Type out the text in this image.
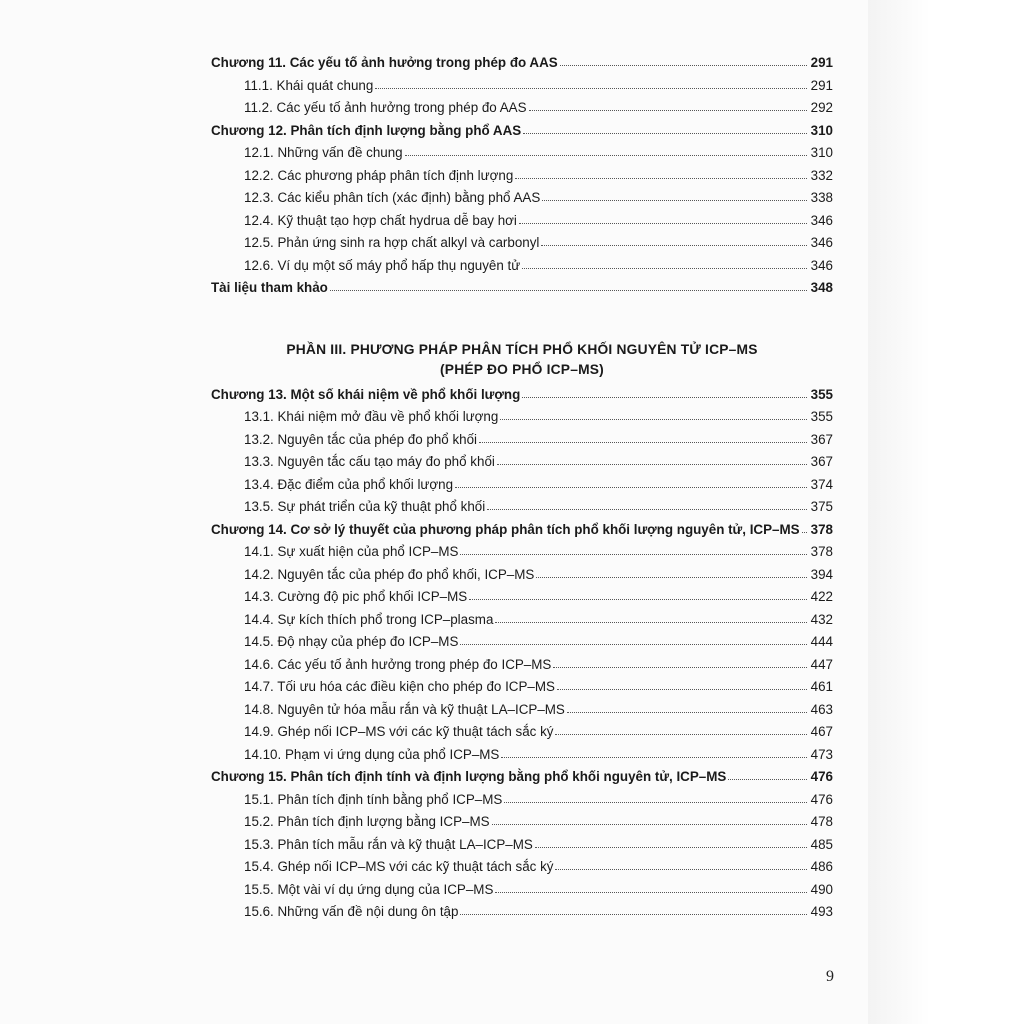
Chương 11. Các yếu tố ảnh hưởng trong phép đo AAS	291
11.1. Khái quát chung	291
11.2. Các yếu tố ảnh hưởng trong phép đo AAS	292
Chương 12. Phân tích định lượng bằng phổ AAS	310
12.1. Những vấn đề chung	310
12.2. Các phương pháp phân tích định lượng	332
12.3. Các kiểu phân tích (xác định) bằng phổ AAS	338
12.4. Kỹ thuật tạo hợp chất hydrua dễ bay hơi	346
12.5. Phản ứng sinh ra hợp chất alkyl và carbonyl	346
12.6. Ví dụ một số máy phổ hấp thụ nguyên tử	346
Tài liệu tham khảo	348
PHẦN III. PHƯƠNG PHÁP PHÂN TÍCH PHỔ KHỐI NGUYÊN TỬ ICP–MS
(PHÉP ĐO PHỔ ICP–MS)
Chương 13. Một số khái niệm về phổ khối lượng	355
13.1. Khái niệm mở đầu về phổ khối lượng	355
13.2. Nguyên tắc của phép đo phổ khối	367
13.3. Nguyên tắc cấu tạo máy đo phổ khối	367
13.4. Đặc điểm của phổ khối lượng	374
13.5. Sự phát triển của kỹ thuật phổ khối	375
Chương 14. Cơ sở lý thuyết của phương pháp phân tích phổ khối lượng nguyên tử, ICP–MS 378
14.1. Sự xuất hiện của phổ ICP–MS	378
14.2. Nguyên tắc của phép đo phổ khối, ICP–MS	394
14.3. Cường độ pic phổ khối ICP–MS	422
14.4. Sự kích thích phổ trong ICP–plasma	432
14.5. Độ nhạy của phép đo ICP–MS	444
14.6. Các yếu tố ảnh hưởng trong phép đo ICP–MS	447
14.7. Tối ưu hóa các điều kiện cho phép đo ICP–MS	461
14.8. Nguyên tử hóa mẫu rắn và kỹ thuật LA–ICP–MS	463
14.9. Ghép nối ICP–MS với các kỹ thuật tách sắc ký	467
14.10. Phạm vi ứng dụng của phổ ICP–MS	473
Chương 15. Phân tích định tính và định lượng bằng phổ khối nguyên tử, ICP–MS	476
15.1. Phân tích định tính bằng phổ ICP–MS	476
15.2. Phân tích định lượng bằng ICP–MS	478
15.3. Phân tích mẫu rắn và kỹ thuật LA–ICP–MS	485
15.4. Ghép nối ICP–MS với các kỹ thuật tách sắc ký	486
15.5. Một vài ví dụ ứng dụng của ICP–MS	490
15.6. Những vấn đề nội dung ôn tập	493
9
